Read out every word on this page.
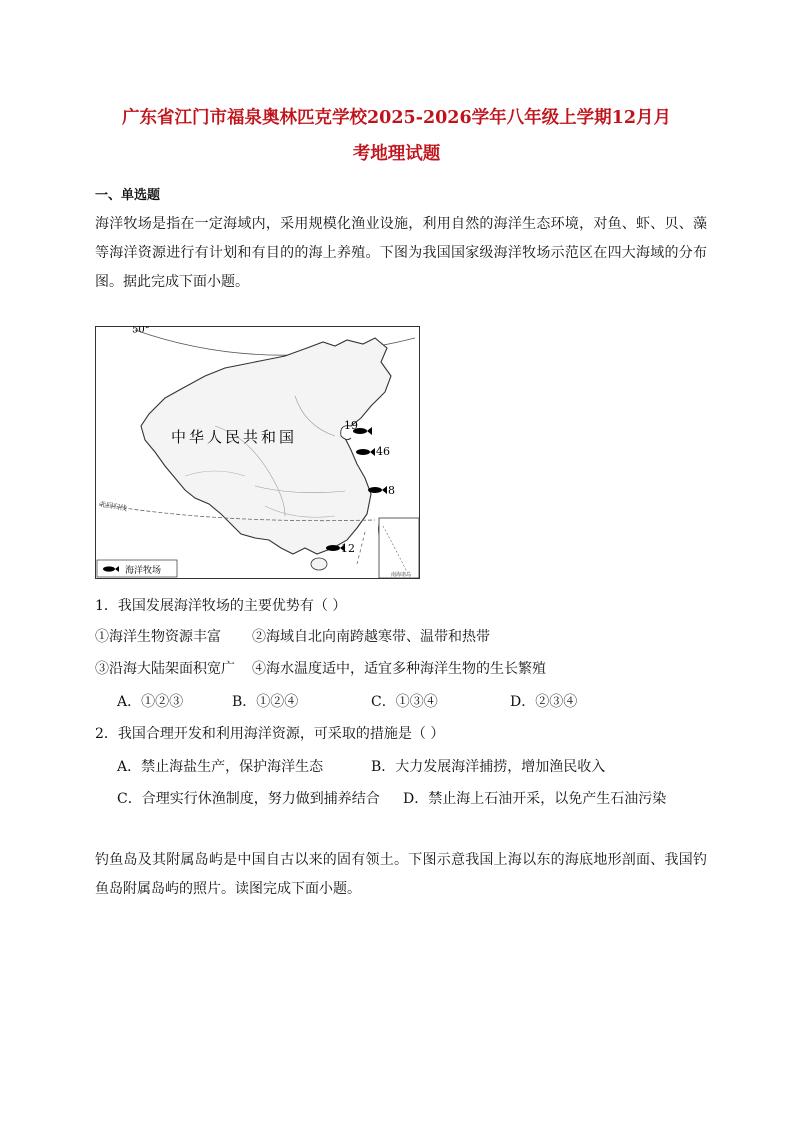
广东省江门市福泉奥林匹克学校2025-2026学年八年级上学期12月月
考地理试题
一、单选题

海洋牧场是指在一定海域内，采用规模化渔业设施，利用自然的海洋生态环境，对鱼、虾、贝、藻等海洋资源进行有计划和有目的的海上养殖。下图为我国国家级海洋牧场示范区在四大海域的分布图。据此完成下面小题。

50°
中华人民共和国
北回归线
南海诸岛
海洋牧场
19
46
8
12
1．我国发展海洋牧场的主要优势有（ ）
①海洋生物资源丰富 ②海域自北向南跨越寒带、温带和热带
③沿海大陆架面积宽广 ④海水温度适中，适宜多种海洋生物的生长繁殖
A．①②③	B．①②④	C．①③④	D．②③④
2．我国合理开发和利用海洋资源，可采取的措施是（ ）
A．禁止海盐生产，保护海洋生态	B．大力发展海洋捕捞，增加渔民收入
C．合理实行休渔制度，努力做到捕养结合 D．禁止海上石油开采，以免产生石油污染

钓鱼岛及其附属岛屿是中国自古以来的固有领土。下图示意我国上海以东的海底地形剖面、我国钓鱼岛附属岛屿的照片。读图完成下面小题。
